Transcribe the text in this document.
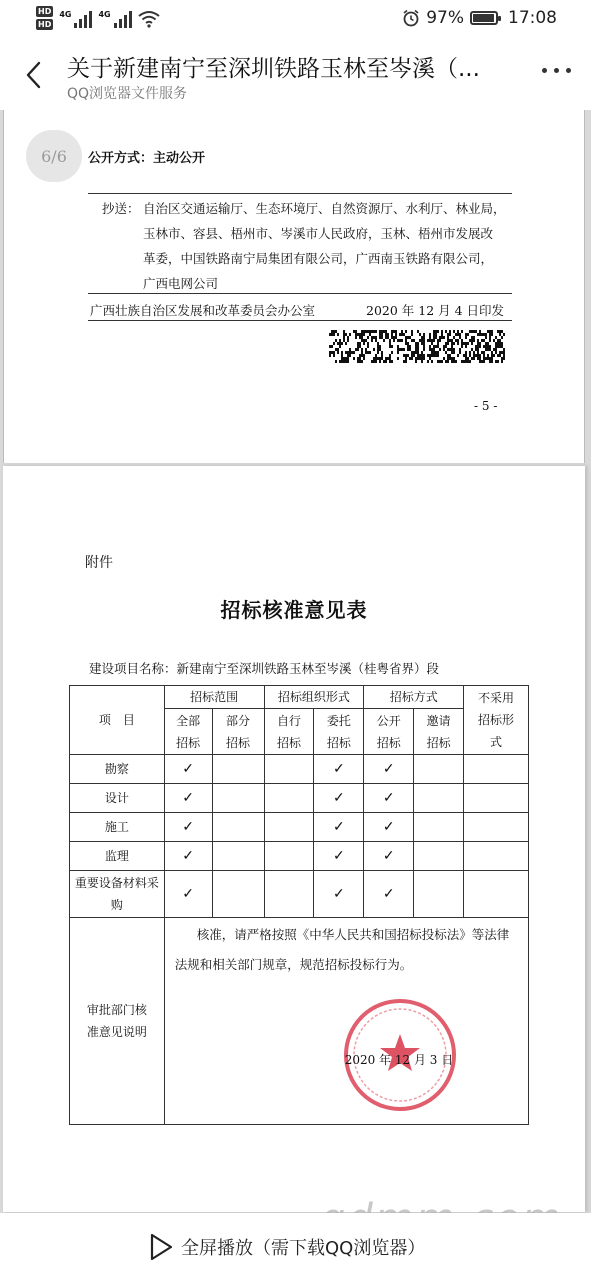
HD
HD
4G	4G	97%	17:08
关于新建南宁至深圳铁路玉林至岑溪（...
QQ浏览器文件服务
6/6	公开方式：主动公开
抄送： 自治区交通运输厅、生态环境厅、自然资源厅、水利厅、林业局，
玉林市、容县、梧州市、岑溪市人民政府，玉林、梧州市发展改
革委，中国铁路南宁局集团有限公司，广西南玉铁路有限公司，
广西电网公司
广西壮族自治区发展和改革委员会办公室	2020 年 12 月 4 日印发
- 5 -
附件
招标核准意见表
建设项目名称：新建南宁至深圳铁路玉林至岑溪（桂粤省界）段
项　目	招标范围		招标组织形式		招标方式		不采用招标形式
	全部招标	部分招标	自行招标	委托招标	公开招标	邀请招标	
勘察	✓			✓	✓		
设计	✓			✓	✓		
施工	✓			✓	✓		
监理	✓			✓	✓		
重要设备材料采购	✓			✓	✓		
审批部门核准意见说明	核准，请严格按照《中华人民共和国招标投标法》等法律
法规和相关部门规章，规范招标投标行为。
2020 年 12 月 3 日						
全屏播放（需下载QQ浏览器）
